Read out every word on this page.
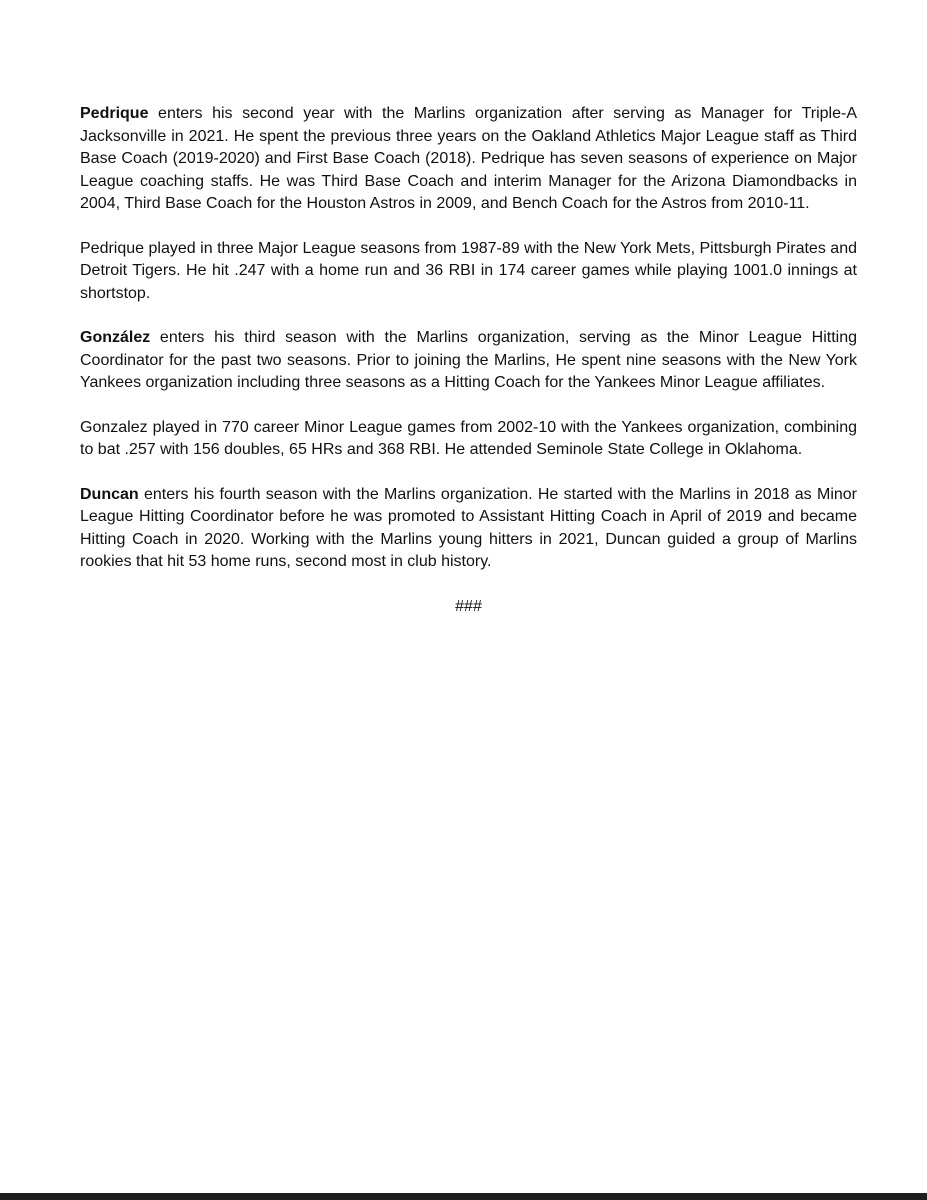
Pedrique enters his second year with the Marlins organization after serving as Manager for Triple-A Jacksonville in 2021. He spent the previous three years on the Oakland Athletics Major League staff as Third Base Coach (2019-2020) and First Base Coach (2018). Pedrique has seven seasons of experience on Major League coaching staffs. He was Third Base Coach and interim Manager for the Arizona Diamondbacks in 2004, Third Base Coach for the Houston Astros in 2009, and Bench Coach for the Astros from 2010-11.

Pedrique played in three Major League seasons from 1987-89 with the New York Mets, Pittsburgh Pirates and Detroit Tigers. He hit .247 with a home run and 36 RBI in 174 career games while playing 1001.0 innings at shortstop.

González enters his third season with the Marlins organization, serving as the Minor League Hitting Coordinator for the past two seasons. Prior to joining the Marlins, He spent nine seasons with the New York Yankees organization including three seasons as a Hitting Coach for the Yankees Minor League affiliates.

Gonzalez played in 770 career Minor League games from 2002-10 with the Yankees organization, combining to bat .257 with 156 doubles, 65 HRs and 368 RBI. He attended Seminole State College in Oklahoma.

Duncan enters his fourth season with the Marlins organization. He started with the Marlins in 2018 as Minor League Hitting Coordinator before he was promoted to Assistant Hitting Coach in April of 2019 and became Hitting Coach in 2020. Working with the Marlins young hitters in 2021, Duncan guided a group of Marlins rookies that hit 53 home runs, second most in club history.

###
